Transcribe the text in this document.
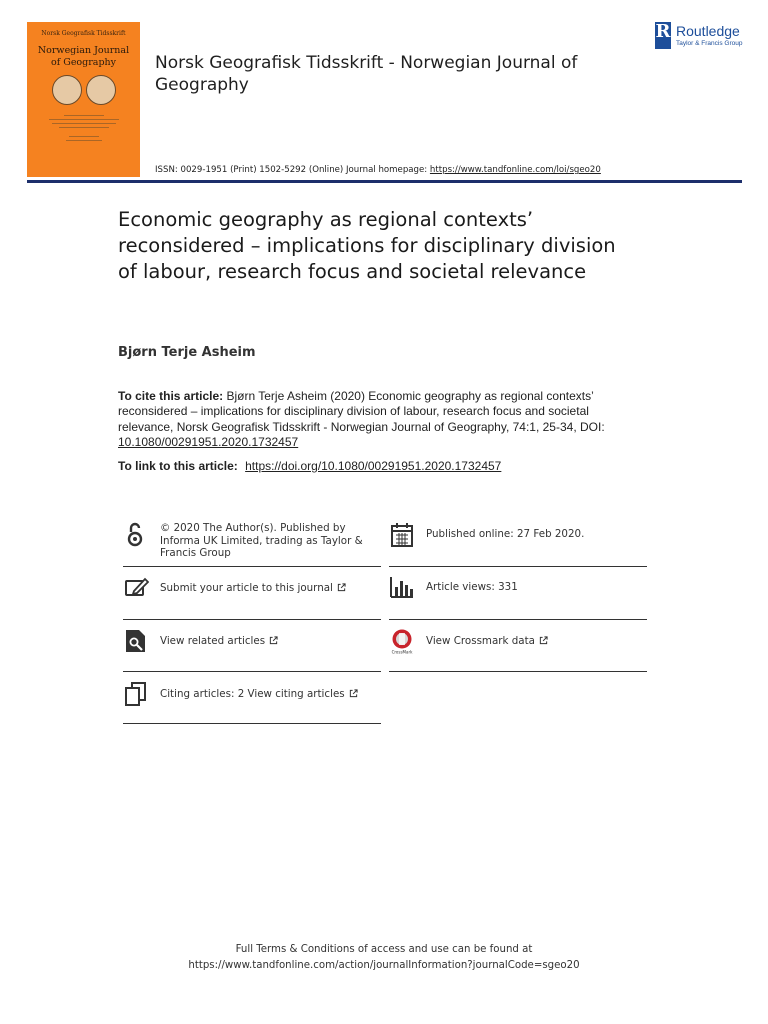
Norsk Geografisk Tidsskrift
Norwegian Journal of Geography	Norsk Geografisk Tidsskrift - Norwegian Journal of Geography
R Routledge
Taylor & Francis Group
ISSN: 0029-1951 (Print) 1502-5292 (Online) Journal homepage: https://www.tandfonline.com/loi/sgeo20
Economic geography as regional contexts’ reconsidered – implications for disciplinary division of labour, research focus and societal relevance
Bjørn Terje Asheim
To cite this article: Bjørn Terje Asheim (2020) Economic geography as regional contexts’ reconsidered – implications for disciplinary division of labour, research focus and societal relevance, Norsk Geografisk Tidsskrift - Norwegian Journal of Geography, 74:1, 25-34, DOI: 10.1080/00291951.2020.1732457
To link to this article: https://doi.org/10.1080/00291951.2020.1732457
© 2020 The Author(s). Published by Informa UK Limited, trading as Taylor & Francis Group
Submit your article to this journal
View related articles
Citing articles: 2 View citing articles
Published online: 27 Feb 2020.
Article views: 331
CrossMark
View Crossmark data
Full Terms & Conditions of access and use can be found at
https://www.tandfonline.com/action/journalInformation?journalCode=sgeo20
